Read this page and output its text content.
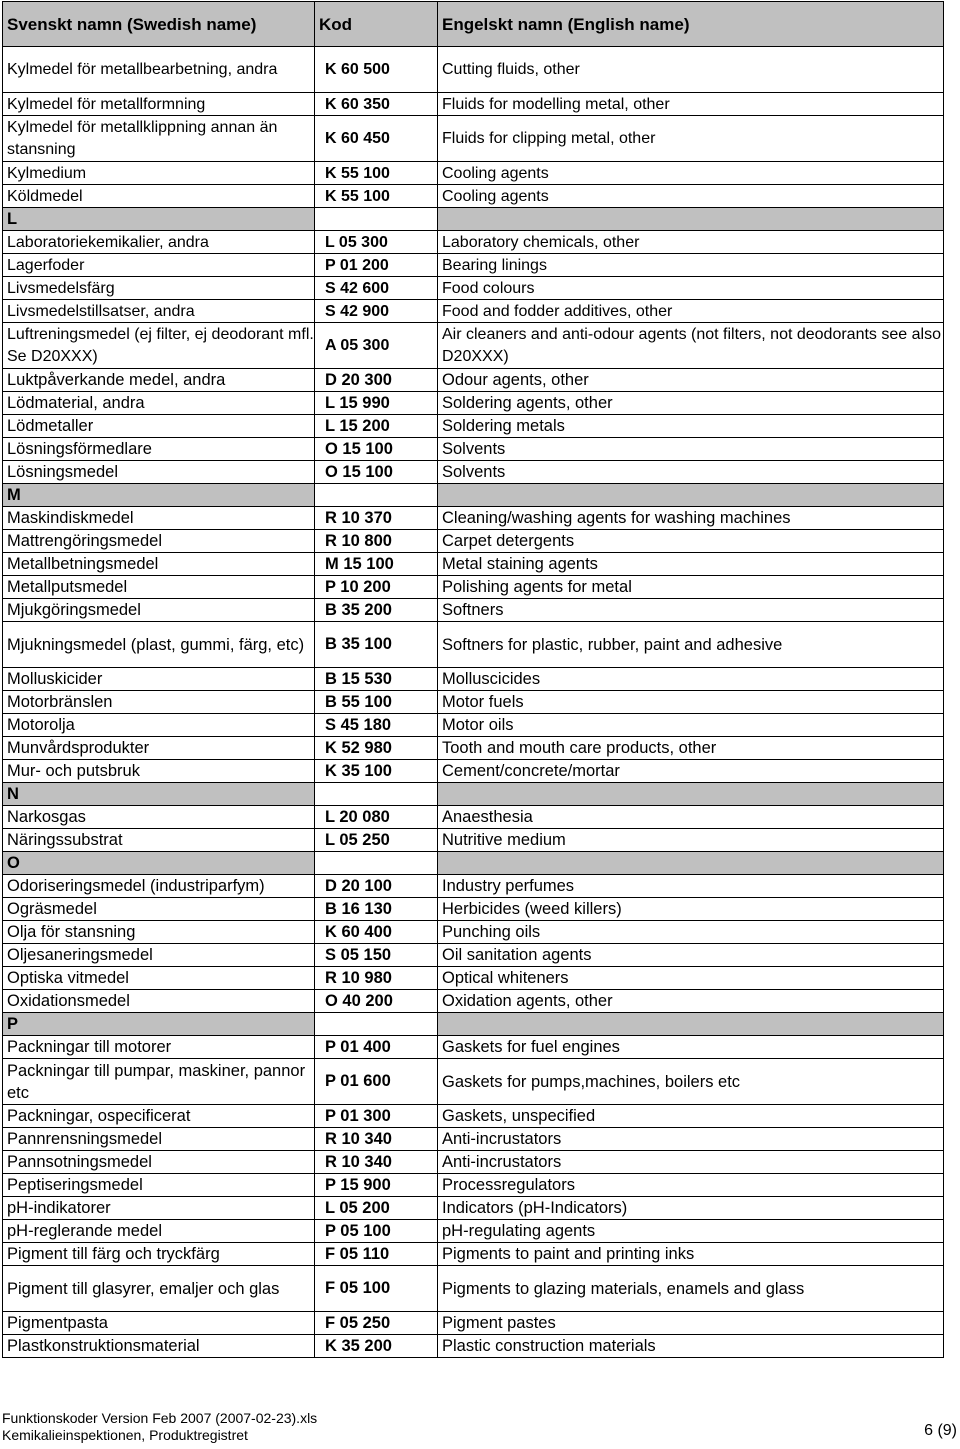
Svenskt namn (Swedish name)	Kod	Engelskt namn (English name)
Kylmedel för metallbearbetning, andra	K 60 500	Cutting fluids, other
Kylmedel för metallformning	K 60 350	Fluids for modelling metal, other
Kylmedel för metallklippning annan än stansning	K 60 450	Fluids for clipping metal, other
Kylmedium	K 55 100	Cooling agents
Köldmedel	K 55 100	Cooling agents
L		
Laboratoriekemikalier, andra	L 05 300	Laboratory chemicals, other
Lagerfoder	P 01 200	Bearing linings
Livsmedelsfärg	S 42 600	Food colours
Livsmedelstillsatser, andra	S 42 900	Food and fodder additives, other
Luftreningsmedel (ej filter, ej deodorant mfl. Se D20XXX)	A 05 300	Air cleaners and anti-odour agents (not filters, not deodorants see also D20XXX)
Luktpåverkande medel, andra	D 20 300	Odour agents, other
Lödmaterial, andra	L 15 990	Soldering agents, other
Lödmetaller	L 15 200	Soldering metals
Lösningsförmedlare	O 15 100	Solvents
Lösningsmedel	O 15 100	Solvents
M		
Maskindiskmedel	R 10 370	Cleaning/washing agents for washing machines
Mattrengöringsmedel	R 10 800	Carpet detergents
Metallbetningsmedel	M 15 100	Metal staining agents
Metallputsmedel	P 10 200	Polishing agents for metal
Mjukgöringsmedel	B 35 200	Softners
Mjukningsmedel (plast, gummi, färg, etc)	B 35 100	Softners for plastic, rubber, paint and adhesive
Molluskicider	B 15 530	Molluscicides
Motorbränslen	B 55 100	Motor fuels
Motorolja	S 45 180	Motor oils
Munvårdsprodukter	K 52 980	Tooth and mouth care products, other
Mur- och putsbruk	K 35 100	Cement/concrete/mortar
N		
Narkosgas	L 20 080	Anaesthesia
Näringssubstrat	L 05 250	Nutritive medium
O		
Odoriseringsmedel (industriparfym)	D 20 100	Industry perfumes
Ogräsmedel	B 16 130	Herbicides (weed killers)
Olja för stansning	K 60 400	Punching oils
Oljesaneringsmedel	S 05 150	Oil sanitation agents
Optiska vitmedel	R 10 980	Optical whiteners
Oxidationsmedel	O 40 200	Oxidation agents, other
P		
Packningar till motorer	P 01 400	Gaskets for fuel engines
Packningar till pumpar, maskiner, pannor etc	P 01 600	Gaskets for pumps,machines, boilers etc
Packningar, ospecificerat	P 01 300	Gaskets, unspecified
Pannrensningsmedel	R 10 340	Anti-incrustators
Pannsotningsmedel	R 10 340	Anti-incrustators
Peptiseringsmedel	P 15 900	Processregulators
pH-indikatorer	L 05 200	Indicators (pH-Indicators)
pH-reglerande medel	P 05 100	pH-regulating agents
Pigment till färg och tryckfärg	F 05 110	Pigments to paint and printing inks
Pigment till glasyrer, emaljer och glas	F 05 100	Pigments to glazing materials, enamels and glass
Pigmentpasta	F 05 250	Pigment pastes
Plastkonstruktionsmaterial	K 35 200	Plastic construction materials
Funktionskoder Version Feb 2007 (2007-02-23).xls
Kemikalieinspektionen, Produktregistret	6 (9)
